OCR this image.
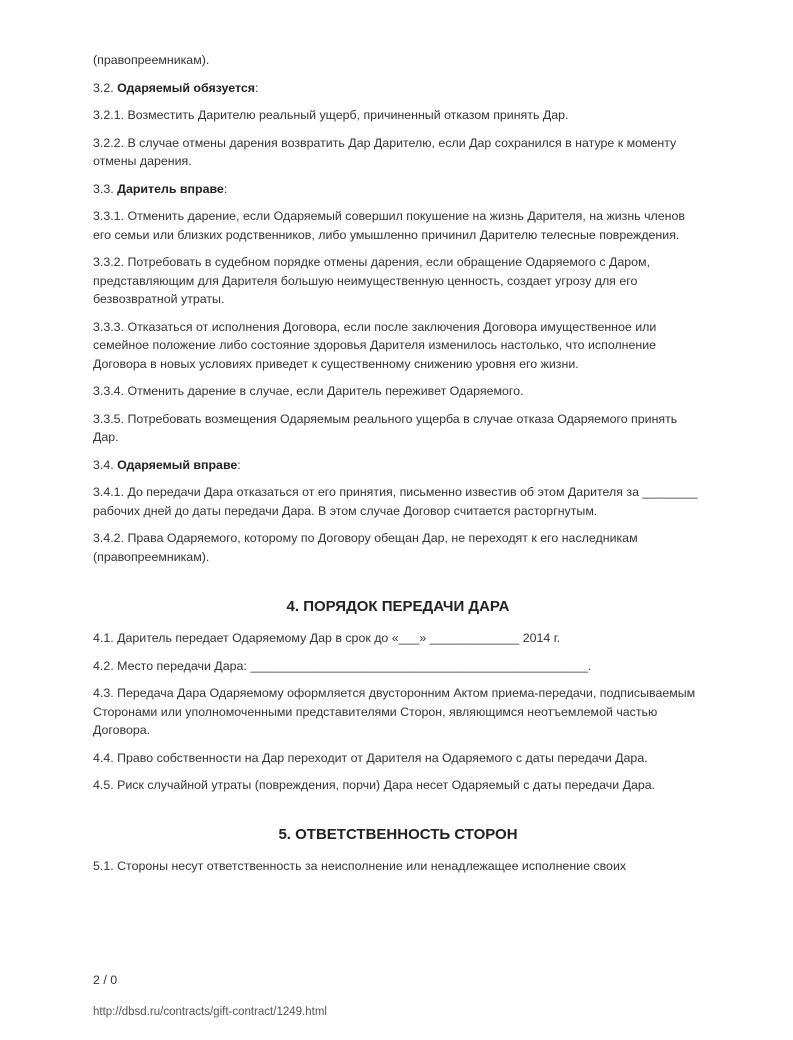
(правопреемникам).

3.2. Одаряемый обязуется:

3.2.1. Возместить Дарителю реальный ущерб, причиненный отказом принять Дар.

3.2.2. В случае отмены дарения возвратить Дар Дарителю, если Дар сохранился в натуре к моменту отмены дарения.

3.3. Даритель вправе:

3.3.1. Отменить дарение, если Одаряемый совершил покушение на жизнь Дарителя, на жизнь членов его семьи или близких родственников, либо умышленно причинил Дарителю телесные повреждения.

3.3.2. Потребовать в судебном порядке отмены дарения, если обращение Одаряемого с Даром, представляющим для Дарителя большую неимущественную ценность, создает угрозу для его безвозвратной утраты.

3.3.3. Отказаться от исполнения Договора, если после заключения Договора имущественное или семейное положение либо состояние здоровья Дарителя изменилось настолько, что исполнение Договора в новых условиях приведет к существенному снижению уровня его жизни.

3.3.4. Отменить дарение в случае, если Даритель переживет Одаряемого.

3.3.5. Потребовать возмещения Одаряемым реального ущерба в случае отказа Одаряемого принять Дар.

3.4. Одаряемый вправе:

3.4.1. До передачи Дара отказаться от его принятия, письменно известив об этом Дарителя за ________ рабочих дней до даты передачи Дара. В этом случае Договор считается расторгнутым.

3.4.2. Права Одаряемого, которому по Договору обещан Дар, не переходят к его наследникам (правопреемникам).

4. ПОРЯДОК ПЕРЕДАЧИ ДАРА

4.1. Даритель передает Одаряемому Дар в срок до «___» _____________ 2014 г.

4.2. Место передачи Дара: _________________________________________________.

4.3. Передача Дара Одаряемому оформляется двусторонним Актом приема-передачи, подписываемым Сторонами или уполномоченными представителями Сторон, являющимся неотъемлемой частью Договора.

4.4. Право собственности на Дар переходит от Дарителя на Одаряемого с даты передачи Дара.

4.5. Риск случайной утраты (повреждения, порчи) Дара несет Одаряемый с даты передачи Дара.

5. ОТВЕТСТВЕННОСТЬ СТОРОН

5.1. Стороны несут ответственность за неисполнение или ненадлежащее исполнение своих

2 / 0
http://dbsd.ru/contracts/gift-contract/1249.html
